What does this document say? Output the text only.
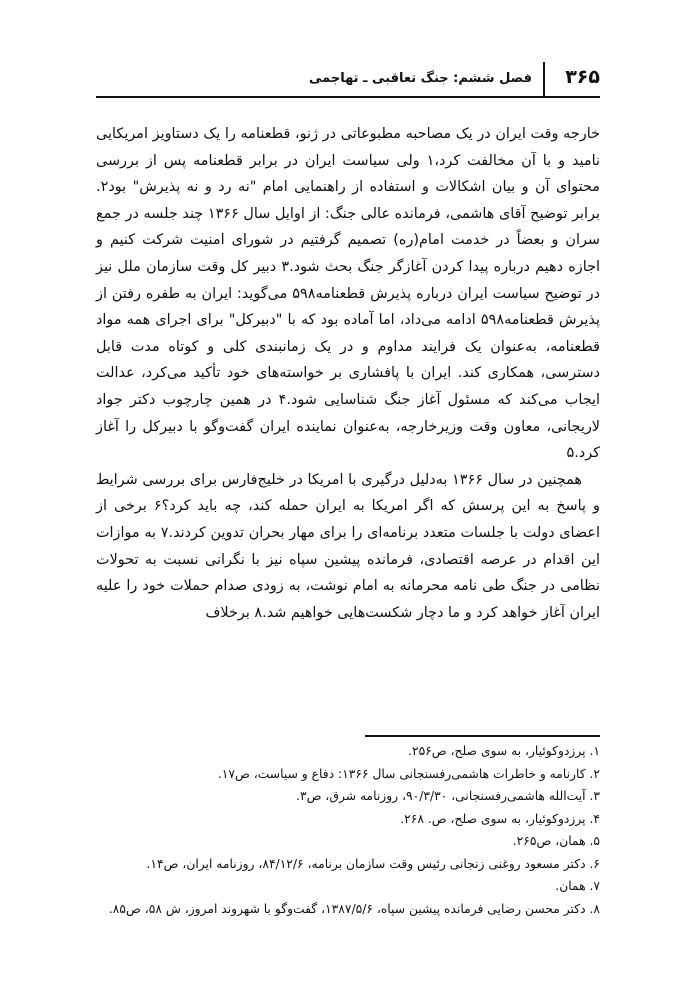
۳۶۵
فصل ششم: جنگ تعاقبی ـ تهاجمی

خارجه وقت ایران در یک مصاحبه مطبوعاتی در ژنو، قطعنامه را یک دستاویز امریکایی نامید و با آن مخالفت کرد،۱ ولی سیاست ایران در برابر قطعنامه پس از بررسی محتوای آن و بیان اشکالات و استفاده از راهنمایی امام "نه رد و نه پذیرش" بود۲. برابر توضیح آقای هاشمی، فرمانده عالی جنگ: از اوایل سال ۱۳۶۶ چند جلسه در جمع سران و بعضاً در خدمت امام(ره) تصمیم گرفتیم در شورای امنیت شرکت کنیم و اجازه دهیم درباره پیدا کردن آغازگر جنگ بحث شود.۳ دبیر کل وقت سازمان ملل نیز در توضیح سیاست ایران درباره پذیرش قطعنامه۵۹۸ می‌گوید: ایران به طفره رفتن از پذیرش قطعنامه۵۹۸ ادامه می‌داد، اما آماده بود که با "دبیرکل" برای اجرای همه مواد قطعنامه، به‌عنوان یک فرایند مداوم و در یک زمانبندی کلی و کوتاه مدت قابل دسترسی، همکاری کند. ایران با پافشاری بر خواسته‌های خود تأکید می‌کرد، عدالت ایجاب می‌کند که مسئول آغاز جنگ شناسایی شود.۴ در همین چارچوب دکتر جواد لاریجانی، معاون وقت وزیرخارجه، به‌عنوان نماینده ایران گفت‌وگو با دبیرکل را آغاز کرد.۵

همچنین در سال ۱۳۶۶ به‌دلیل درگیری با امریکا در خلیج‌فارس برای بررسی شرایط و پاسخ به این پرسش که اگر امریکا به ایران حمله کند، چه باید کرد؟۶ برخی از اعضای دولت با جلسات متعدد برنامه‌ای را برای مهار بحران تدوین کردند.۷ به موازات این اقدام در عرصه اقتصادی، فرمانده پیشین سپاه نیز با نگرانی نسبت به تحولات نظامی در جنگ طی نامه محرمانه به امام نوشت، به زودی صدام حملات خود را علیه ایران آغاز خواهد کرد و ما دچار شکست‌هایی خواهیم شد.۸ برخلاف

۱. پرزدوکوئیار، به سوی صلح، ص۲۵۶.

۲. کارنامه و خاطرات هاشمی‌رفسنجانی سال ۱۳۶۶: دفاع و سیاست، ص۱۷.

۳. آیت‌الله هاشمی‌رفسنجانی، ۹۰/۳/۳۰، روزنامه شرق، ص۳.

۴. پرزدوکوئیار، به سوی صلح، ص. ۲۶۸.

۵. همان، ص۲۶۵.

۶. دکتر مسعود روغنی زنجانی رئیس وقت سازمان برنامه، ۸۴/۱۲/۶، روزنامه ایران، ص۱۴.

۷. همان.

۸. دکتر محسن رضایی فرمانده پیشین سپاه، ۱۳۸۷/۵/۶، گفت‌وگو با شهروند امروز، ش ۵۸، ص۸۵.
